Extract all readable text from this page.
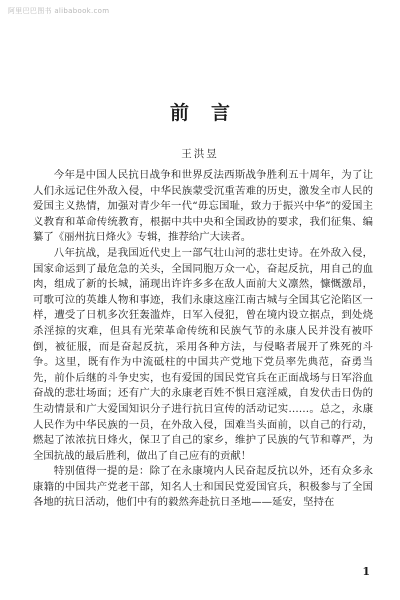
阿里巴巴图书 alibabook.com
前言
王洪昱

今年是中国人民抗日战争和世界反法西斯战争胜利五十周年，为了让人们永远记住外敌入侵，中华民族蒙受沉重苦难的历史，激发全市人民的爱国主义热情，加强对青少年一代“毋忘国耻，致力于振兴中华”的爱国主义教育和革命传统教育，根据中共中央和全国政协的要求，我们征集、编纂了《丽州抗日烽火》专辑，推荐给广大读者。

八年抗战，是我国近代史上一部气壮山河的悲壮史诗。在外敌入侵，国家命运到了最危急的关头，全国同胞万众一心，奋起反抗，用自己的血肉，组成了新的长城，涌现出许许多多在敌人面前大义凛然，慷慨激昂，可歌可泣的英雄人物和事迹，我们永康这座江南古城与全国其它沦陷区一样，遭受了日机多次狂轰滥炸，日军入侵犯，曾在境内设立据点，到处烧杀淫掠的灾难，但具有光荣革命传统和民族气节的永康人民并没有被吓倒，被征服，而是奋起反抗，采用各种方法，与侵略者展开了殊死的斗争。这里，既有作为中流砥柱的中国共产党地下党员率先典范，奋勇当先，前仆后继的斗争史实，也有爱国的国民党官兵在正面战场与日军浴血奋战的悲壮场面；还有广大的永康老百姓不惧日寇淫威，自发伏击日伪的生动情景和广大爱国知识分子进行抗日宣传的活动记实……。总之，永康人民作为中华民族的一员，在外敌入侵，国难当头面前，以自己的行动，燃起了浓浓抗日烽火，保卫了自己的家乡，维护了民族的气节和尊严，为全国抗战的最后胜利，做出了自己应有的贡献！

特别值得一提的是：除了在永康境内人民奋起反抗以外，还有众多永康籍的中国共产党老干部，知名人士和国民党爱国官兵，积极参与了全国各地的抗日活动，他们中有的毅然奔赴抗日圣地——延安，坚持在

1
